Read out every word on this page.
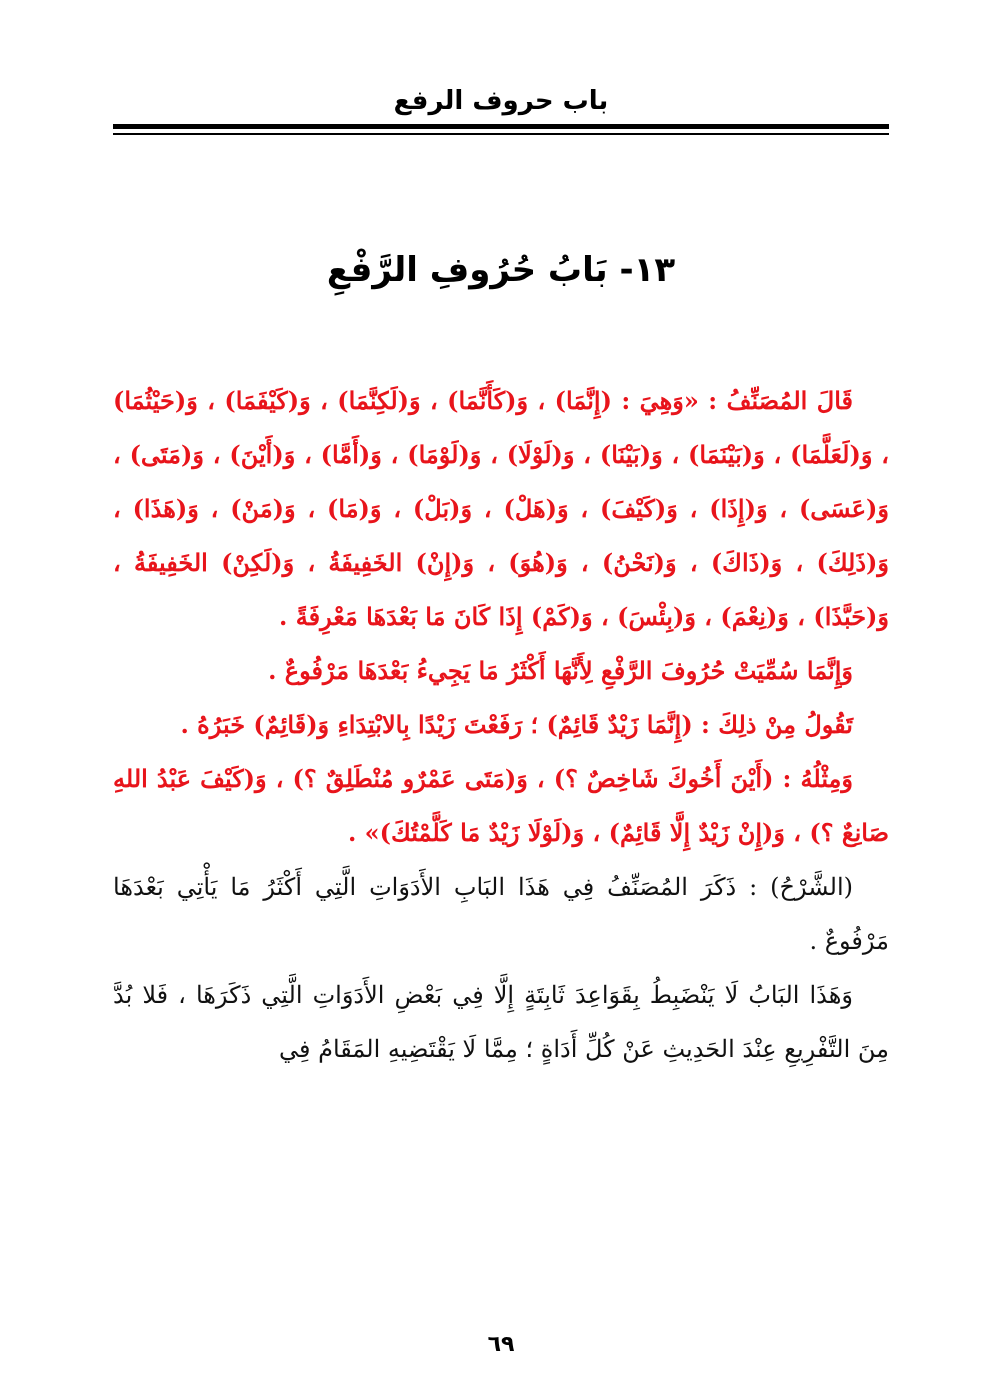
باب حروف الرفع
١٣- بَابُ حُرُوفِ الرَّفْعِ

قَالَ المُصَنِّفُ : «وَهِيَ : (إِنَّمَا) ، وَ(كَأَنَّمَا) ، وَ(لَكِنَّمَا) ، وَ(كَيْفَمَا) ، وَ(حَيْثُمَا) ، وَ(لَعَلَّمَا) ، وَ(بَيْنَمَا) ، وَ(بَيْنَا) ، وَ(لَوْلَا) ، وَ(لَوْمَا) ، وَ(أَمَّا) ، وَ(أَيْنَ) ، وَ(مَتَى) ، وَ(عَسَى) ، وَ(إِذَا) ، وَ(كَيْفَ) ، وَ(هَلْ) ، وَ(بَلْ) ، وَ(مَا) ، وَ(مَنْ) ، وَ(هَذَا) ، وَ(ذَلِكَ) ، وَ(ذَاكَ) ، وَ(نَحْنُ) ، وَ(هُوَ) ، وَ(إِنْ) الخَفِيفَةُ ، وَ(لَكِنْ) الخَفِيفَةُ ، وَ(حَبَّذَا) ، وَ(نِعْمَ) ، وَ(بِئْسَ) ، وَ(كَمْ) إِذَا كَانَ مَا بَعْدَهَا مَعْرِفَةً .

وَإِنَّمَا سُمِّيَتْ حُرُوفَ الرَّفْعِ لِأَنَّهَا أَكْثَرُ مَا يَجِيءُ بَعْدَهَا مَرْفُوعٌ .

تَقُولُ مِنْ ذلِكَ : (إِنَّمَا زَيْدٌ قَائِمٌ) ؛ رَفَعْتَ زَيْدًا بِالابْتِدَاءِ وَ(قَائِمٌ) خَبَرُهُ .

وَمِثْلُهُ : (أَيْنَ أَخُوكَ شَاخِصٌ ؟) ، وَ(مَتَى عَمْرٌو مُنْطَلِقٌ ؟) ، وَ(كَيْفَ عَبْدُ اللهِ صَانِعٌ ؟) ، وَ(إِنْ زَيْدٌ إِلَّا قَائِمٌ) ، وَ(لَوْلَا زَيْدٌ مَا كَلَّمْتُكَ)» .

(الشَّرْحُ) : ذَكَرَ المُصَنِّفُ فِي هَذَا البَابِ الأَدَوَاتِ الَّتِي أَكْثَرُ مَا يَأْتِي بَعْدَهَا مَرْفُوعٌ .

وَهَذَا البَابُ لَا يَنْضَبِطُ بِقَوَاعِدَ ثَابِتَةٍ إِلَّا فِي بَعْضِ الأَدَوَاتِ الَّتِي ذَكَرَهَا ، فَلا بُدَّ مِنَ التَّفْرِيعِ عِنْدَ الحَدِيثِ عَنْ كُلِّ أَدَاةٍ ؛ مِمَّا لَا يَقْتَضِيهِ المَقَامُ فِي

٦٩
